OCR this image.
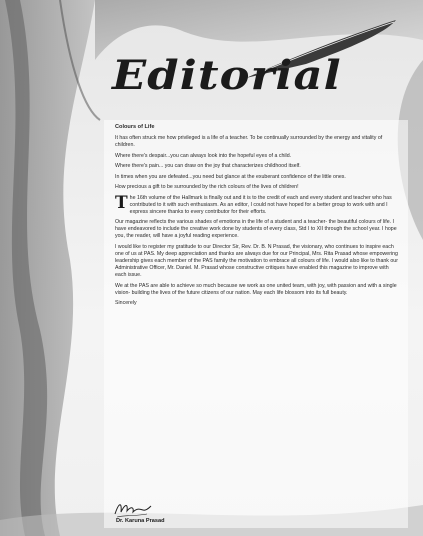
Editorial

Colours of Life

It has often struck me how privileged is a life of a teacher. To be continually surrounded by the energy and vitality of children.

Where there's despair...you can always look into the hopeful eyes of a child.

Where there's pain... you can draw on the joy that characterizes childhood itself.

In times when you are defeated...you need but glance at the exuberant confidence of the little ones.

How precious a gift to be surrounded by the rich colours of the lives of children!

The 16th volume of the Hallmark is finally out and it is to the credit of each and every student and teacher who has contributed to it with such enthusiasm. As an editor, I could not have hoped for a better group to work with and I express sincere thanks to every contributor for their efforts.

Our magazine reflects the various shades of emotions in the life of a student and a teacher- the beautiful colours of life. I have endeavored to include the creative work done by students of every class, Std I to XII through the school year. I hope you, the reader, will have a joyful reading experience.

I would like to register my gratitude to our Director Sir, Rev. Dr. B. N Prasad, the visionary, who continues to inspire each one of us at PAS. My deep appreciation and thanks are always due for our Principal, Mrs. Rita Prasad whose empowering leadership gives each member of the PAS family the motivation to embrace all colours of life. I would also like to thank our Administrative Officer, Mr. Daniel. M. Prasad whose constructive critiques have enabled this magazine to improve with each issue.

We at the PAS are able to achieve so much because we work as one united team, with joy, with passion and with a single vision- building the lives of the future citizens of our nation. May each life blossom into its full beauty.

Sincerely

Dr. Karuna Prasad
